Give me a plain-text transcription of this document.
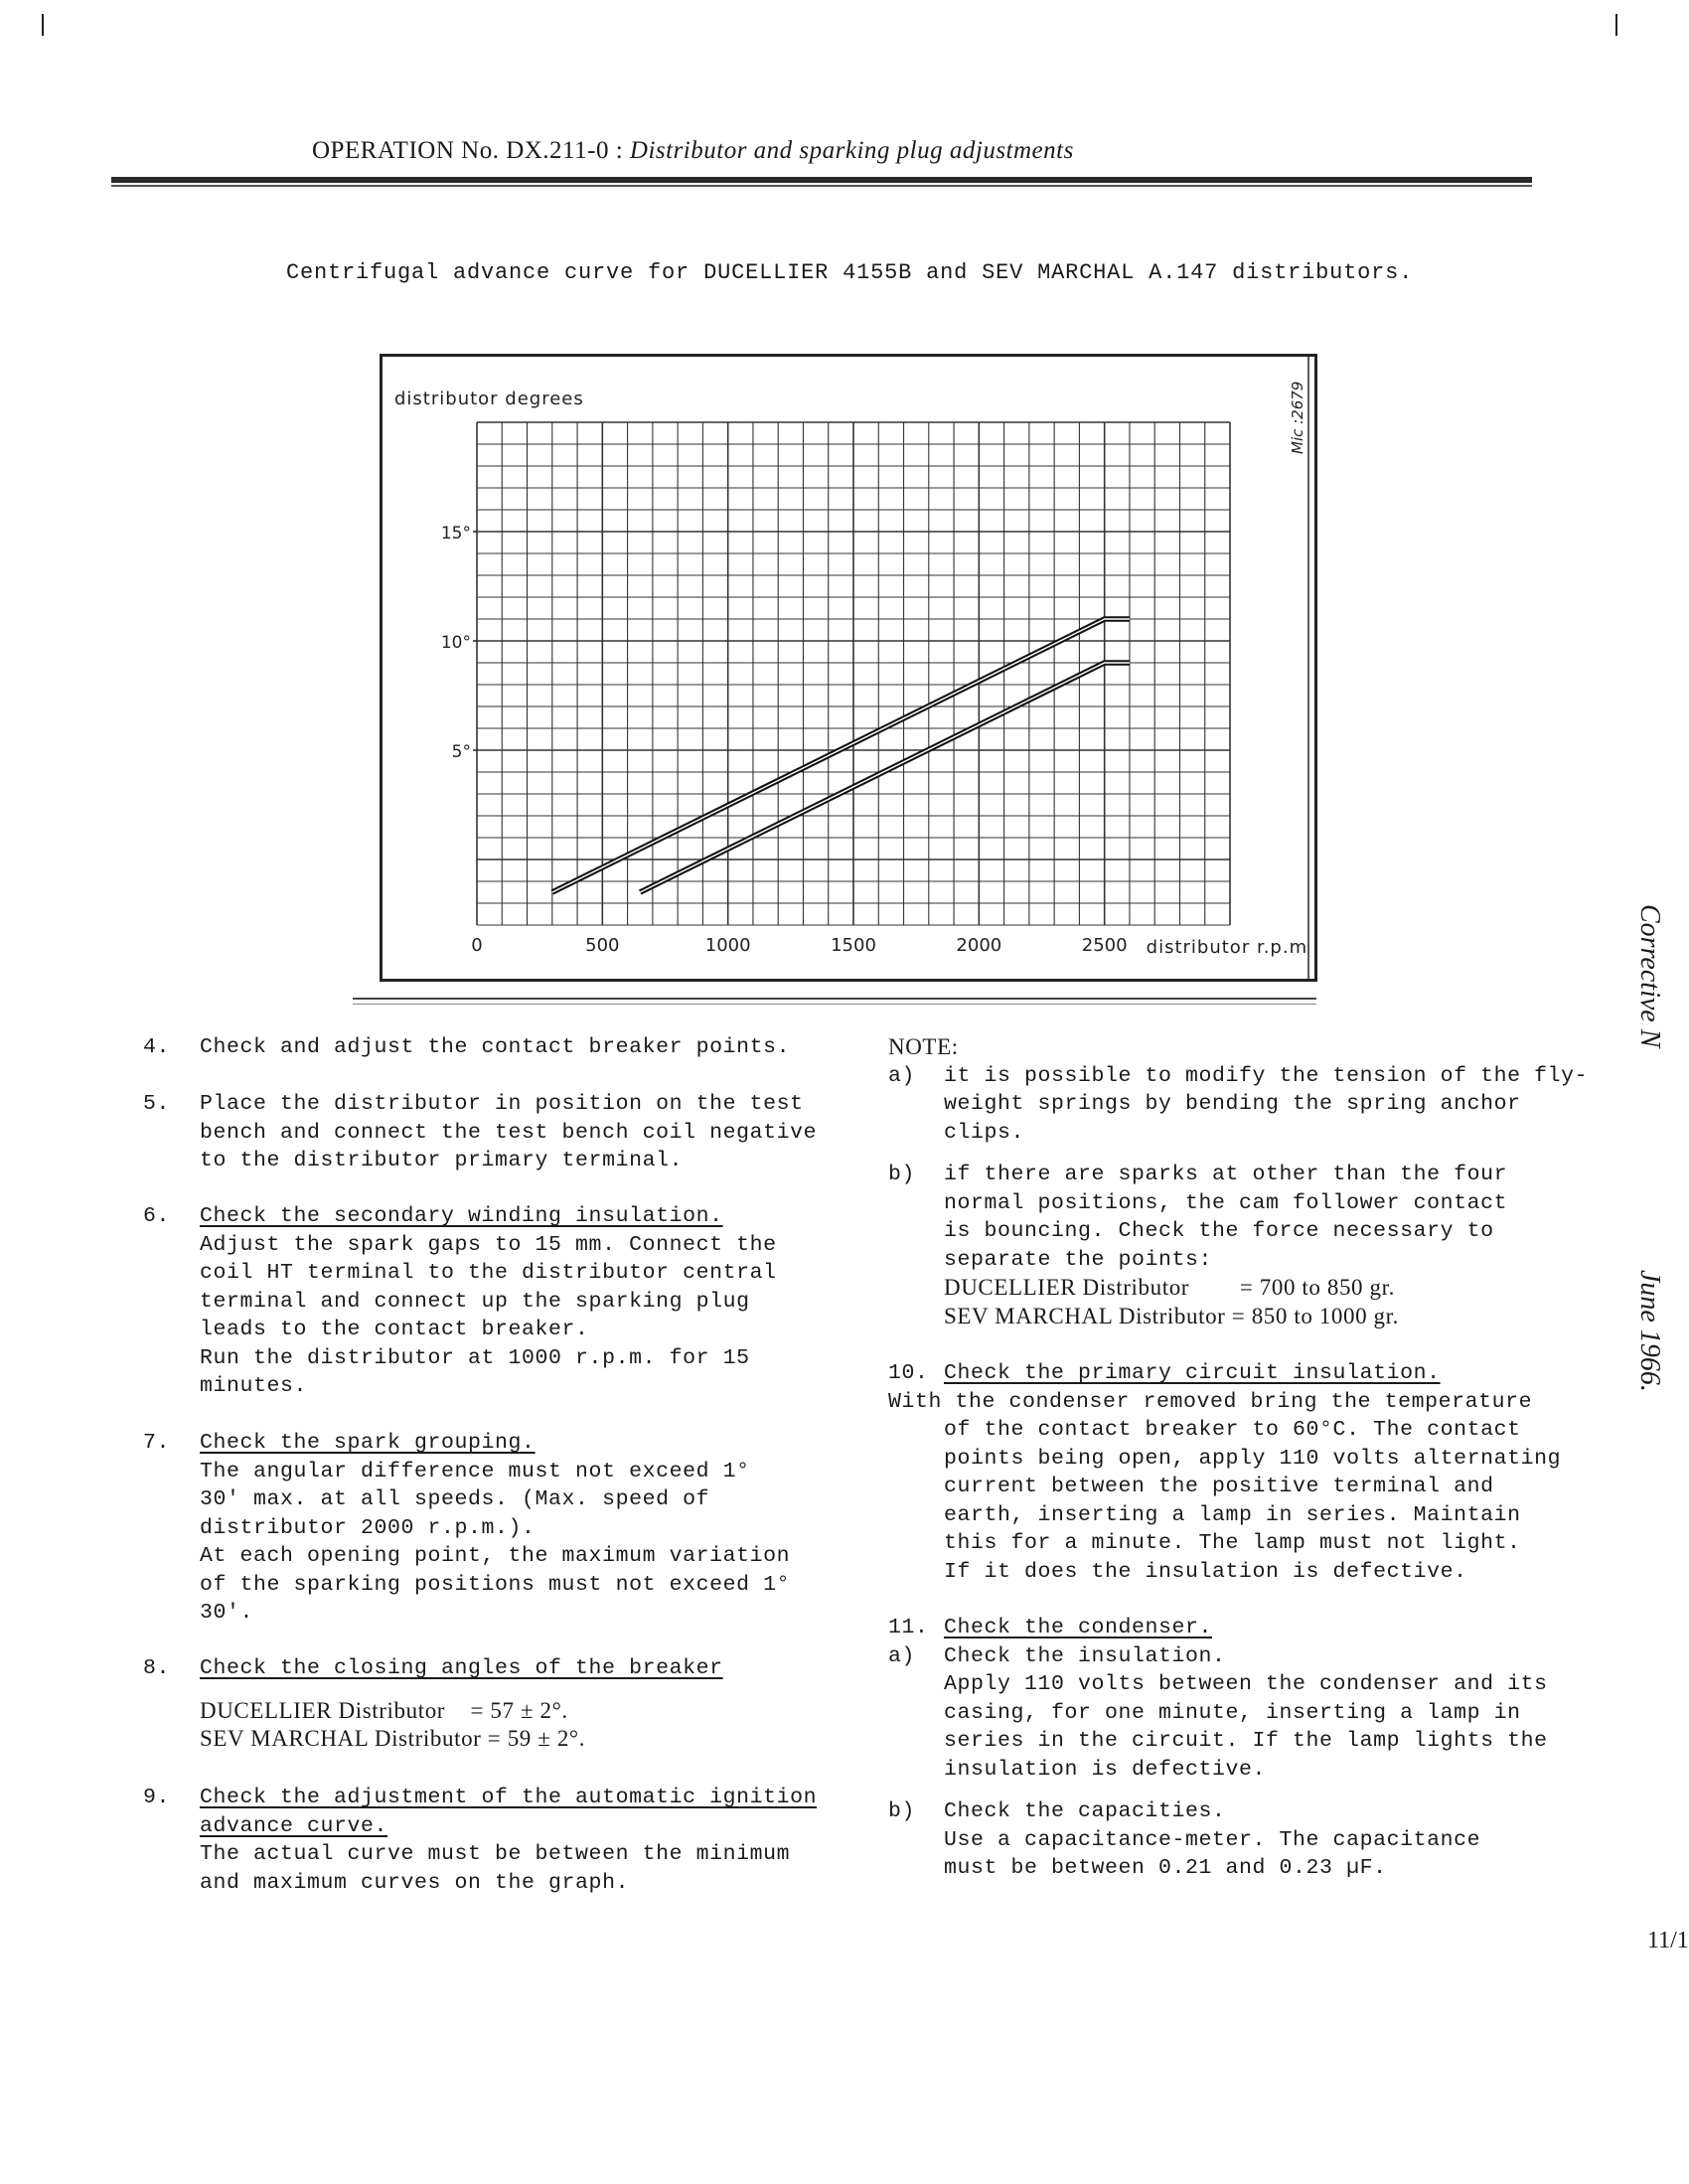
OPERATION No. DX.211-0 : Distributor and sparking plug adjustments
Centrifugal advance curve for DUCELLIER 4155B and SEV MARCHAL A.147 distributors.
distributor degrees
5°
10°
15°
0	500	1000	1500	2000	2500 distributor r.p.m
Mic :2679
4. Check and adjust the contact breaker points.

5. Place the distributor in position on the test

bench and connect the test bench coil negative

to the distributor primary terminal.

6. Check the secondary winding insulation.

Adjust the spark gaps to 15 mm. Connect the

coil HT terminal to the distributor central

terminal and connect up the sparking plug

leads to the contact breaker.

Run the distributor at 1000 r.p.m. for 15

minutes.

7. Check the spark grouping.

The angular difference must not exceed 1°

30' max. at all speeds. (Max. speed of

distributor 2000 r.p.m.).

At each opening point, the maximum variation

of the sparking positions must not exceed 1°

30'.

8. Check the closing angles of the breaker

DUCELLIER Distributor    = 57 ± 2°.

SEV MARCHAL Distributor = 59 ± 2°.

9. Check the adjustment of the automatic ignition

advance curve.

The actual curve must be between the minimum

and maximum curves on the graph.

NOTE:

a) it is possible to modify the tension of the fly-

weight springs by bending the spring anchor

clips.

b) if there are sparks at other than the four

normal positions, the cam follower contact

is bouncing. Check the force necessary to

separate the points:

DUCELLIER Distributor        = 700 to 850 gr.

SEV MARCHAL Distributor = 850 to 1000 gr.

10. Check the primary circuit insulation.

With the condenser removed bring the temperature

of the contact breaker to 60°C. The contact

points being open, apply 110 volts alternating

current between the positive terminal and

earth, inserting a lamp in series. Maintain

this for a minute. The lamp must not light.

If it does the insulation is defective.

11. Check the condenser.

a) Check the insulation.

Apply 110 volts between the condenser and its

casing, for one minute, inserting a lamp in

series in the circuit. If the lamp lights the

insulation is defective.

b) Check the capacities.

Use a capacitance-meter. The capacitance

must be between 0.21 and 0.23 µF.

Corrective N
June 1966.
11/1
